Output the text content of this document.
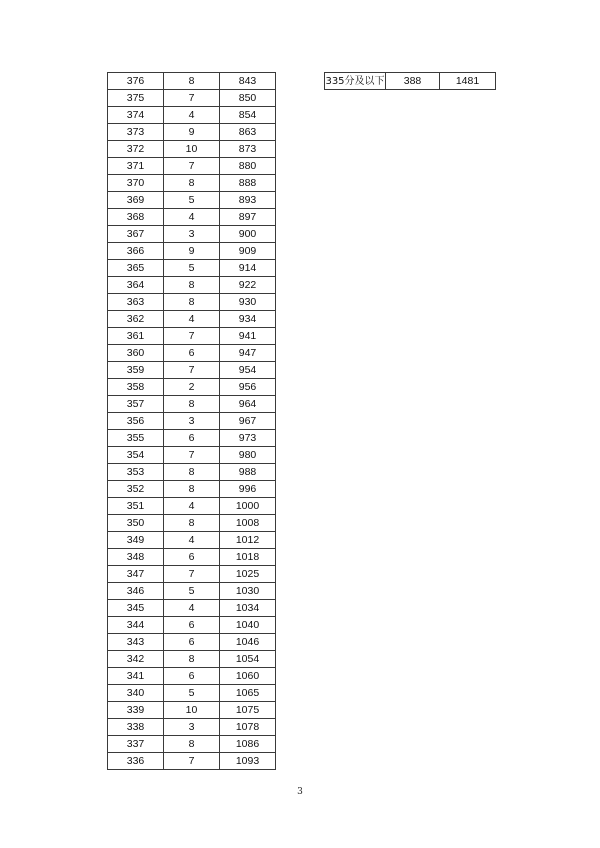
376	8	843
375	7	850
374	4	854
373	9	863
372	10	873
371	7	880
370	8	888
369	5	893
368	4	897
367	3	900
366	9	909
365	5	914
364	8	922
363	8	930
362	4	934
361	7	941
360	6	947
359	7	954
358	2	956
357	8	964
356	3	967
355	6	973
354	7	980
353	8	988
352	8	996
351	4	1000
350	8	1008
349	4	1012
348	6	1018
347	7	1025
346	5	1030
345	4	1034
344	6	1040
343	6	1046
342	8	1054
341	6	1060
340	5	1065
339	10	1075
338	3	1078
337	8	1086
336	7	1093
335分及以下	388	1481
3
